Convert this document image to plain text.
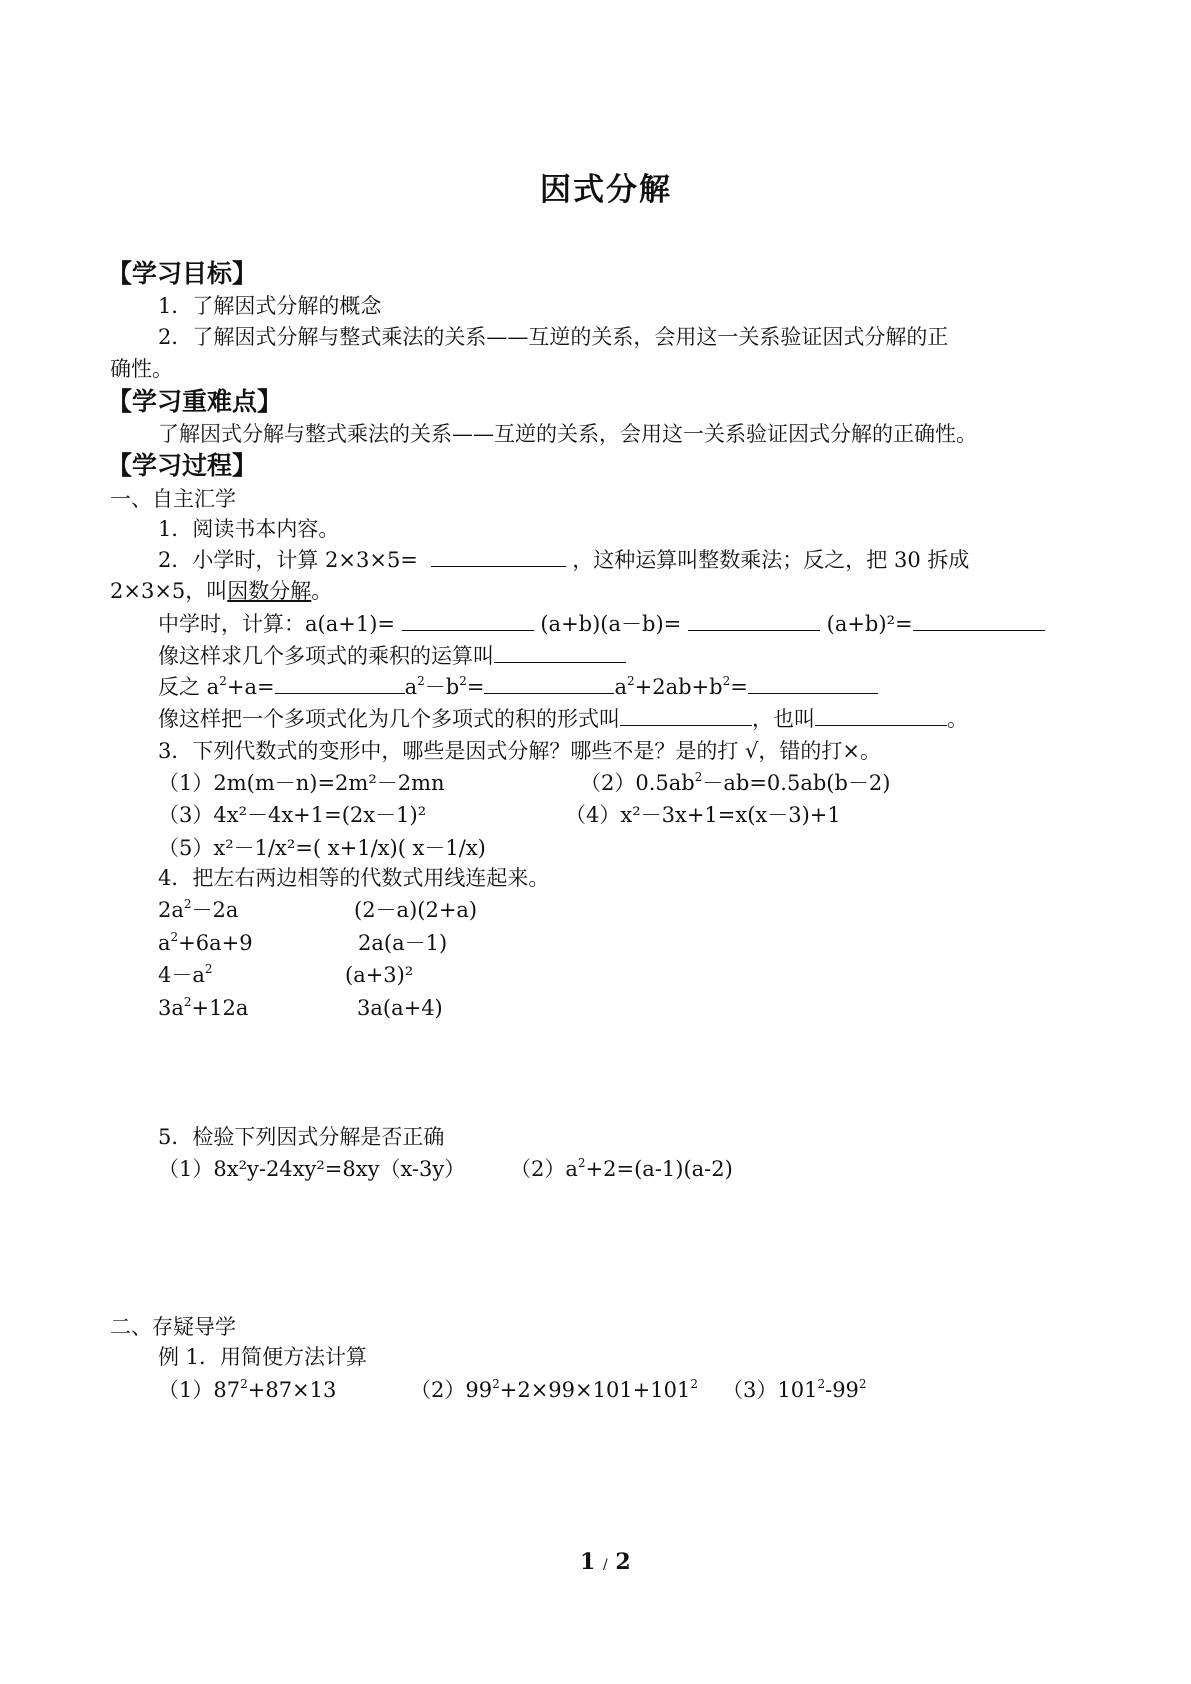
因式分解
【学习目标】
1．了解因式分解的概念
2．了解因式分解与整式乘法的关系——互逆的关系，会用这一关系验证因式分解的正
确性。
【学习重难点】
了解因式分解与整式乘法的关系——互逆的关系，会用这一关系验证因式分解的正确性。
【学习过程】
一、自主汇学
1．阅读书本内容。
2．小学时，计算 2×3×5=	，这种运算叫整数乘法；反之，把 30 拆成
2×3×5，叫因数分解。
中学时，计算：a(a+1)=	(a+b)(a－b)=	(a+b)²=
像这样求几个多项式的乘积的运算叫
反之 $a^2+a=$	$a^2-b^2=$	$a^2+2ab+b^2=$
像这样把一个多项式化为几个多项式的积的形式叫	，也叫	。
3．下列代数式的变形中，哪些是因式分解？哪些不是？是的打 √，错的打×。
（1）2m(m－n)=2m²－2mn	$(2)0.5ab^2-ab=0.5ab(b-2)$
（3）4x²－4x+1=(2x－1)²	（4）x²－3x+1=x(x－3)+1
（5）x²－1/x²=( x+1/x)( x－1/x)
4．把左右两边相等的代数式用线连起来。
$2a^2-2a$	(2－a)(2+a)
$a^2+6a+9$	2a(a－1)
$4-a^2$	(a+3)²
$3a^2+12a$	3a(a+4)
5．检验下列因式分解是否正确
（1）8x²y-24xy²=8xy（x-3y） $(2)a^2+2=(a-1)(a-2)$
二、存疑导学
例 1．用简便方法计算
$(1)87^2+87\times 13$	$(2)99^2+2\times 99\times 101+101^2$ $(3)101^2-99^2$
1 / 2
